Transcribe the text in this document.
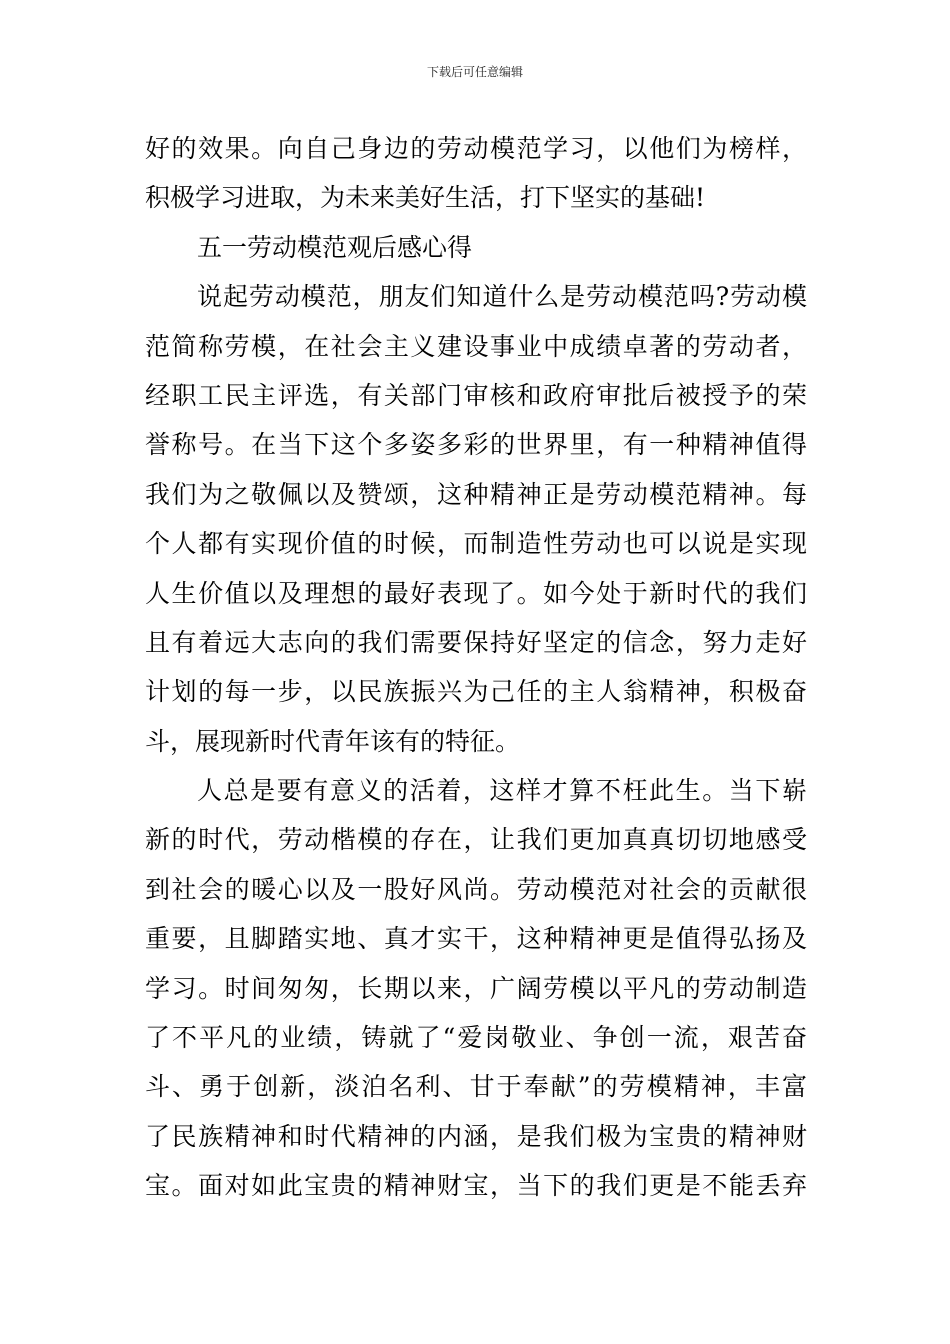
下载后可任意编辑
好的效果。向自己身边的劳动模范学习，以他们为榜样，
积极学习进取，为未来美好生活，打下坚实的基础!
五一劳动模范观后感心得
说起劳动模范，朋友们知道什么是劳动模范吗?劳动模
范简称劳模，在社会主义建设事业中成绩卓著的劳动者，
经职工民主评选，有关部门审核和政府审批后被授予的荣
誉称号。在当下这个多姿多彩的世界里，有一种精神值得
我们为之敬佩以及赞颂，这种精神正是劳动模范精神。每
个人都有实现价值的时候，而制造性劳动也可以说是实现
人生价值以及理想的最好表现了。如今处于新时代的我们
且有着远大志向的我们需要保持好坚定的信念，努力走好
计划的每一步，以民族振兴为己任的主人翁精神，积极奋
斗，展现新时代青年该有的特征。
人总是要有意义的活着，这样才算不枉此生。当下崭
新的时代，劳动楷模的存在，让我们更加真真切切地感受
到社会的暖心以及一股好风尚。劳动模范对社会的贡献很
重要，且脚踏实地、真才实干，这种精神更是值得弘扬及
学习。时间匆匆，长期以来，广阔劳模以平凡的劳动制造
了不平凡的业绩，铸就了“爱岗敬业、争创一流，艰苦奋
斗、勇于创新，淡泊名利、甘于奉献”的劳模精神，丰富
了民族精神和时代精神的内涵，是我们极为宝贵的精神财
宝。面对如此宝贵的精神财宝，当下的我们更是不能丢弃
